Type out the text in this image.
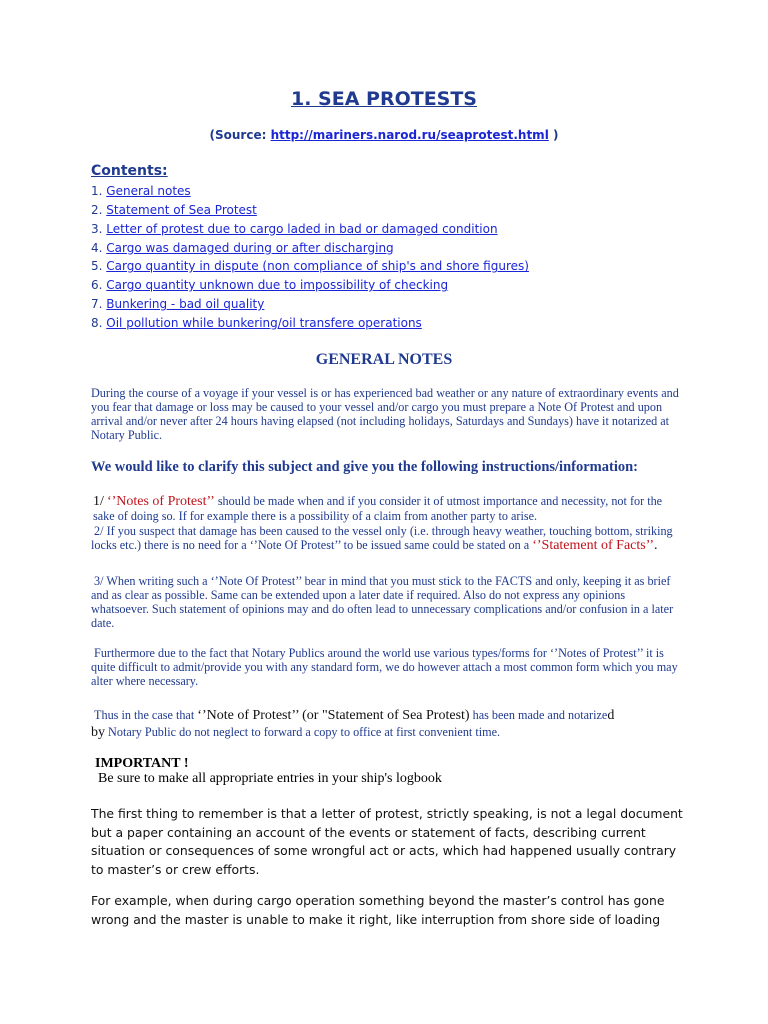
1. SEA PROTESTS
(Source: http://mariners.narod.ru/seaprotest.html )
Contents:
1. General notes
2. Statement of Sea Protest
3. Letter of protest due to cargo laded in bad or damaged condition
4. Cargo was damaged during or after discharging
5. Cargo quantity in dispute (non compliance of ship's and shore figures)
6. Cargo quantity unknown due to impossibility of checking
7. Bunkering - bad oil quality
8. Oil pollution while bunkering/oil transfere operations
GENERAL NOTES
During the course of a voyage if your vessel is or has experienced bad weather or any nature of extraordinary events and you fear that damage or loss may be caused to your vessel and/or cargo you must prepare a Note Of Protest and upon arrival and/or never after 24 hours having elapsed (not including holidays, Saturdays and Sundays) have it notarized at Notary Public.
We would like to clarify this subject and give you the following instructions/information:
1/ ‘’Notes of Protest’’ should be made when and if you consider it of utmost importance and necessity, not for the sake of doing so. If for example there is a possibility of a claim from another party to arise.
2/ If you suspect that damage has been caused to the vessel only (i.e. through heavy weather, touching bottom, striking locks etc.) there is no need for a ‘’Note Of Protest’’ to be issued same could be stated on a ‘’Statement of Facts’’.
3/ When writing such a ‘’Note Of Protest’’ bear in mind that you must stick to the FACTS and only, keeping it as brief and as clear as possible. Same can be extended upon a later date if required. Also do not express any opinions whatsoever. Such statement of opinions may and do often lead to unnecessary complications and/or confusion in a later date.
Furthermore due to the fact that Notary Publics around the world use various types/forms for ‘’Notes of Protest’’ it is quite difficult to admit/provide you with any standard form, we do however attach a most common form which you may alter where necessary.
Thus in the case that ‘’Note of Protest’’ (or "Statement of Sea Protest) has been made and notarized
by Notary Public do not neglect to forward a copy to office at first convenient time.
IMPORTANT !
Be sure to make all appropriate entries in your ship's logbook
The first thing to remember is that a letter of protest, strictly speaking, is not a legal document but a paper containing an account of the events or statement of facts, describing current situation or consequences of some wrongful act or acts, which had happened usually contrary to master’s or crew efforts.
For example, when during cargo operation something beyond the master’s control has gone wrong and the master is unable to make it right, like interruption from shore side of loading
